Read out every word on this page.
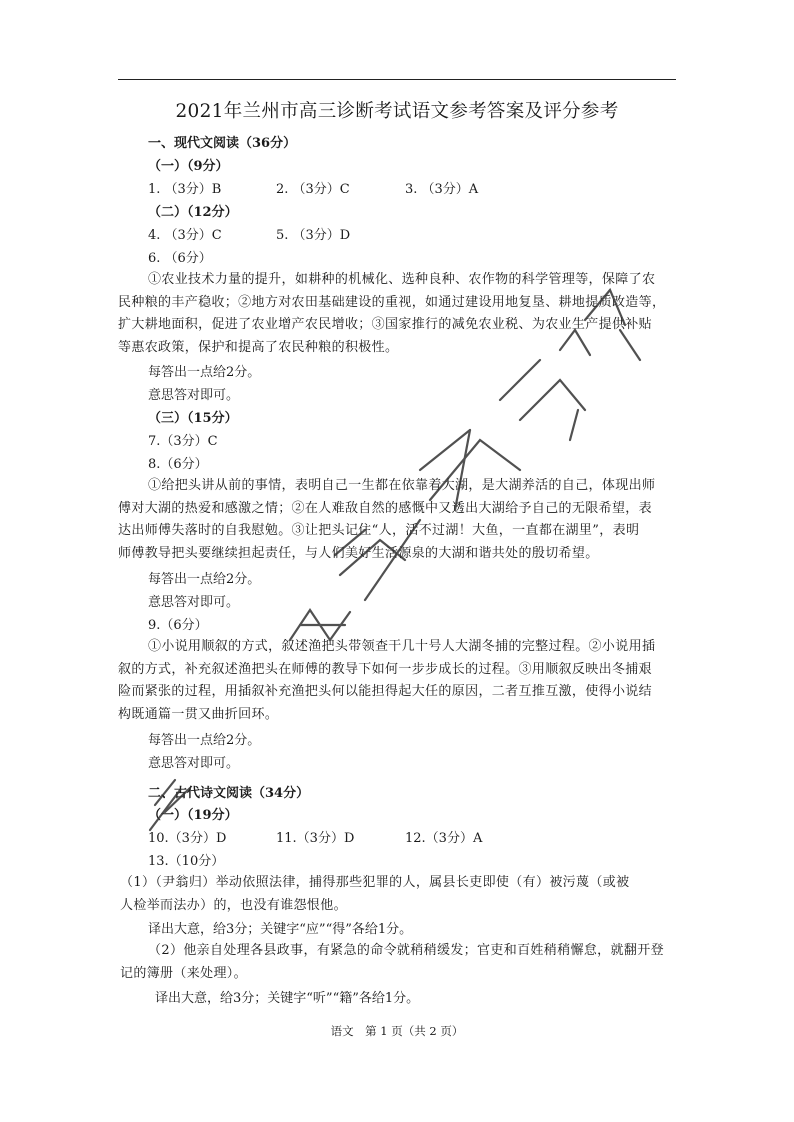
2021年兰州市高三诊断考试语文参考答案及评分参考
一、现代文阅读（36分）
（一）（9分）
1. （3分）B	2. （3分）C	3. （3分）A
（二）（12分）
4. （3分）C	5. （3分）D
6. （6分）
①农业技术力量的提升，如耕种的机械化、选种良种、农作物的科学管理等，保障了农
民种粮的丰产稳收；②地方对农田基础建设的重视，如通过建设用地复垦、耕地提质改造等，
扩大耕地面积，促进了农业增产农民增收；③国家推行的减免农业税、为农业生产提供补贴
等惠农政策，保护和提高了农民种粮的积极性。
每答出一点给2分。
意思答对即可。
（三）（15分）
7.（3分）C
8.（6分）
①给把头讲从前的事情，表明自己一生都在依靠着大湖，是大湖养活的自己，体现出师
傅对大湖的热爱和感激之情；②在人难敌自然的感慨中又透出大湖给予自己的无限希望，表
达出师傅失落时的自我慰勉。③让把头记住“人，活不过湖！大鱼，一直都在湖里”，表明
师傅教导把头要继续担起责任，与人们美好生活源泉的大湖和谐共处的殷切希望。
每答出一点给2分。
意思答对即可。
9.（6分）
①小说用顺叙的方式，叙述渔把头带领查干几十号人大湖冬捕的完整过程。②小说用插
叙的方式，补充叙述渔把头在师傅的教导下如何一步步成长的过程。③用顺叙反映出冬捕艰
险而紧张的过程，用插叙补充渔把头何以能担得起大任的原因，二者互推互激，使得小说结
构既通篇一贯又曲折回环。
每答出一点给2分。
意思答对即可。
二、古代诗文阅读（34分）
（一）（19分）
10.（3分）D	11.（3分）D	12.（3分）A
13.（10分）
（1）（尹翁归）举动依照法律，捕得那些犯罪的人，属县长吏即使（有）被污蔑（或被
人检举而法办）的，也没有谁怨恨他。
译出大意，给3分；关键字“应”“得”各给1分。
（2）他亲自处理各县政事，有紧急的命令就稍稍缓发；官吏和百姓稍稍懈怠，就翻开登
记的簿册（来处理）。
译出大意，给3分；关键字“听”“籍”各给1分。
语文　第 1 页（共 2 页）
